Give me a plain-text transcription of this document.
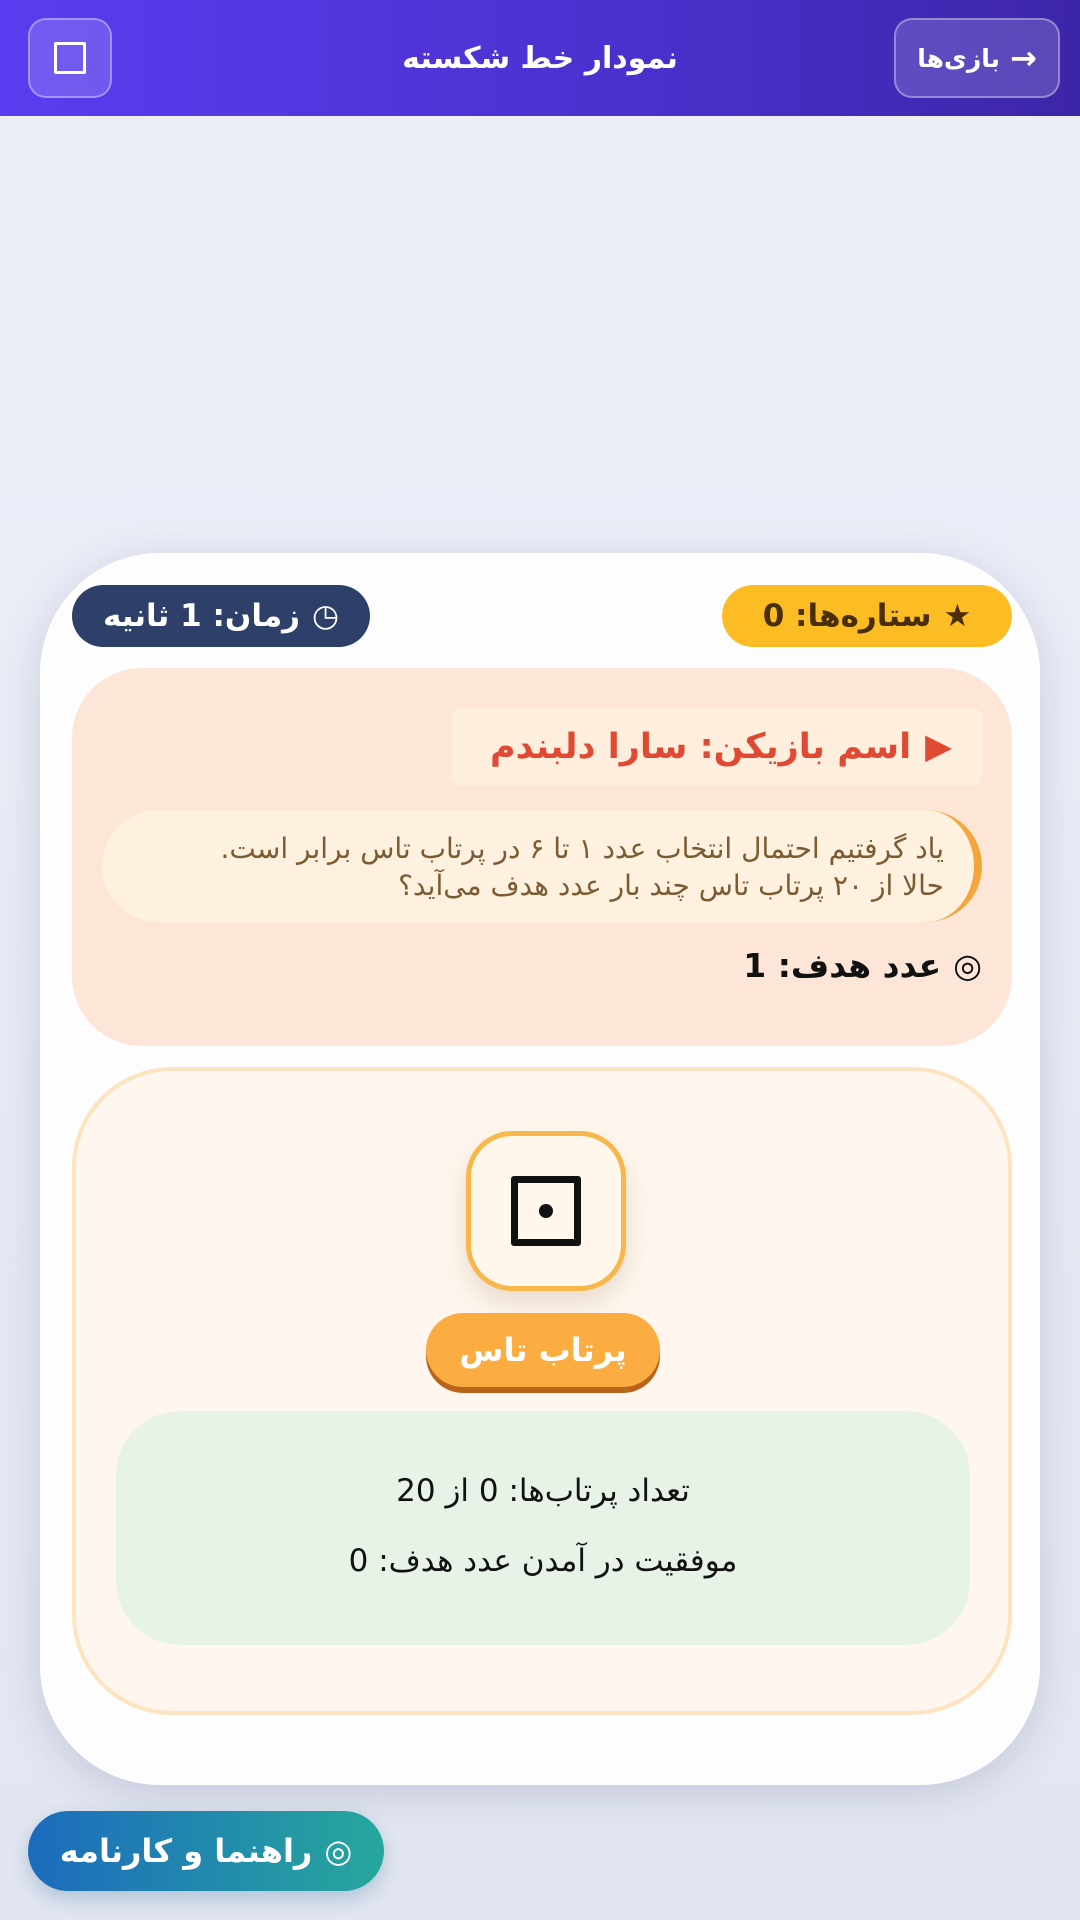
→
بازی‌ها
نمودار خط شکسته
★
ستاره‌ها: 0
◷
زمان: 1 ثانیه
▶
اسم بازیکن: سارا دلبندم
یاد گرفتیم احتمال انتخاب عدد ۱ تا ۶ در پرتاب تاس برابر است.
حالا از ۲۰ پرتاب تاس چند بار عدد هدف می‌آید؟
◎
عدد هدف: 1
پرتاب تاس
تعداد پرتاب‌ها: 0 از 20
موفقیت در آمدن عدد هدف: 0
◎
راهنما و کارنامه
